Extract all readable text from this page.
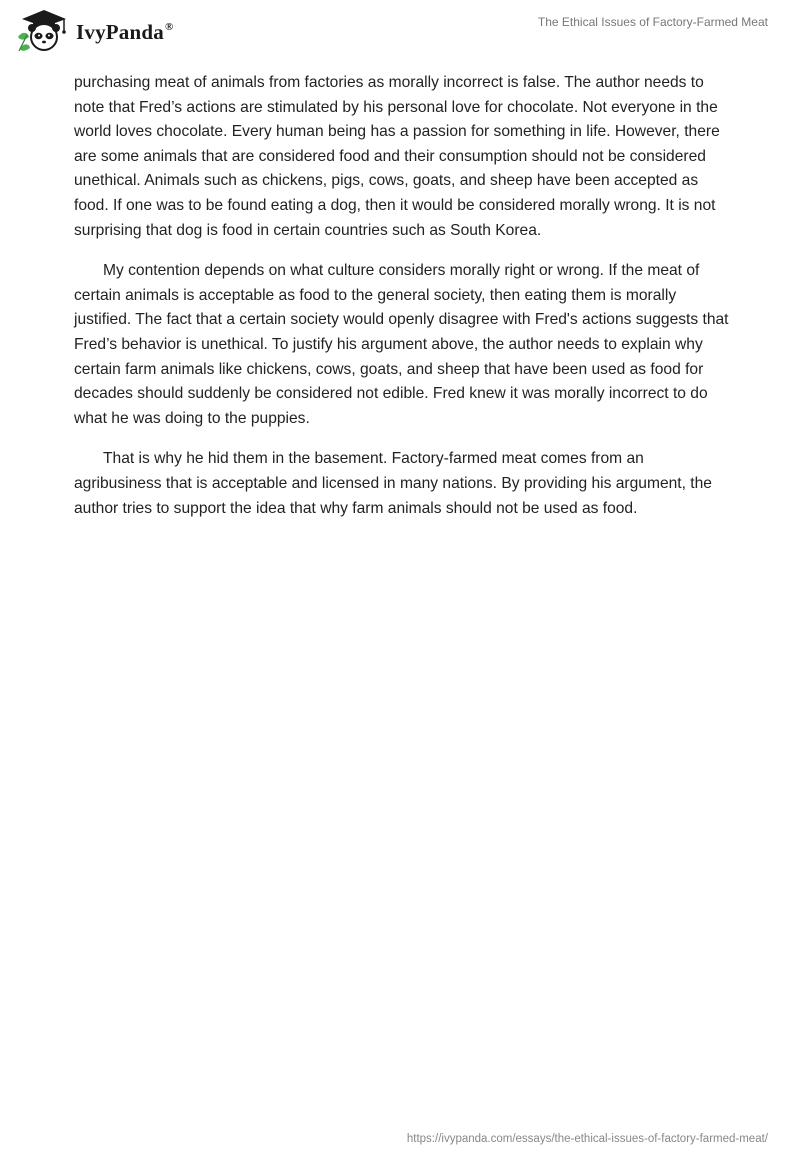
IvyPanda®	The Ethical Issues of Factory-Farmed Meat

purchasing meat of animals from factories as morally incorrect is false. The author needs to note that Fred’s actions are stimulated by his personal love for chocolate. Not everyone in the world loves chocolate. Every human being has a passion for something in life. However, there are some animals that are considered food and their consumption should not be considered unethical. Animals such as chickens, pigs, cows, goats, and sheep have been accepted as food. If one was to be found eating a dog, then it would be considered morally wrong. It is not surprising that dog is food in certain countries such as South Korea.

My contention depends on what culture considers morally right or wrong. If the meat of certain animals is acceptable as food to the general society, then eating them is morally justified. The fact that a certain society would openly disagree with Fred's actions suggests that Fred’s behavior is unethical. To justify his argument above, the author needs to explain why certain farm animals like chickens, cows, goats, and sheep that have been used as food for decades should suddenly be considered not edible. Fred knew it was morally incorrect to do what he was doing to the puppies.

That is why he hid them in the basement. Factory-farmed meat comes from an agribusiness that is acceptable and licensed in many nations. By providing his argument, the author tries to support the idea that why farm animals should not be used as food.

https://ivypanda.com/essays/the-ethical-issues-of-factory-farmed-meat/
